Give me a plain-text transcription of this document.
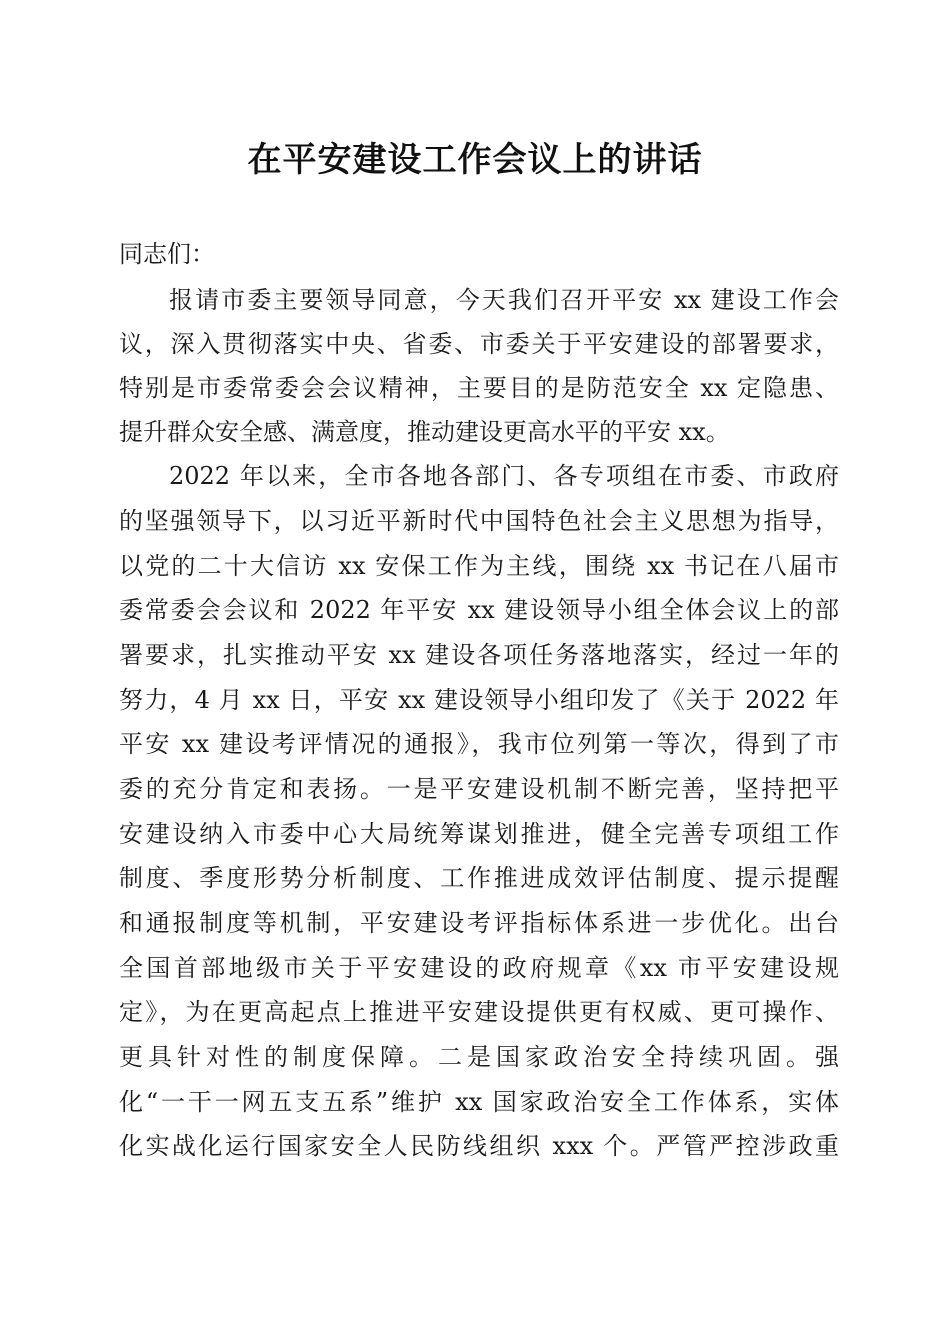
在平安建设工作会议上的讲话
同志们：
报请市委主要领导同意，今天我们召开平安 xx 建设工作会
议，深入贯彻落实中央、省委、市委关于平安建设的部署要求，
特别是市委常委会会议精神，主要目的是防范安全 xx 定隐患、
提升群众安全感、满意度，推动建设更高水平的平安 xx。
2022 年以来，全市各地各部门、各专项组在市委、市政府
的坚强领导下，以习近平新时代中国特色社会主义思想为指导，
以党的二十大信访 xx 安保工作为主线，围绕 xx 书记在八届市
委常委会会议和 2022 年平安 xx 建设领导小组全体会议上的部
署要求，扎实推动平安 xx 建设各项任务落地落实，经过一年的
努力，4 月 xx 日，平安 xx 建设领导小组印发了《关于 2022 年
平安 xx 建设考评情况的通报》，我市位列第一等次，得到了市
委的充分肯定和表扬。一是平安建设机制不断完善，坚持把平
安建设纳入市委中心大局统筹谋划推进，健全完善专项组工作
制度、季度形势分析制度、工作推进成效评估制度、提示提醒
和通报制度等机制，平安建设考评指标体系进一步优化。出台
全国首部地级市关于平安建设的政府规章《xx 市平安建设规
定》，为在更高起点上推进平安建设提供更有权威、更可操作、
更具针对性的制度保障。二是国家政治安全持续巩固。强
化“一干一网五支五系”维护 xx 国家政治安全工作体系，实体
化实战化运行国家安全人民防线组织 xxx 个。严管严控涉政重
